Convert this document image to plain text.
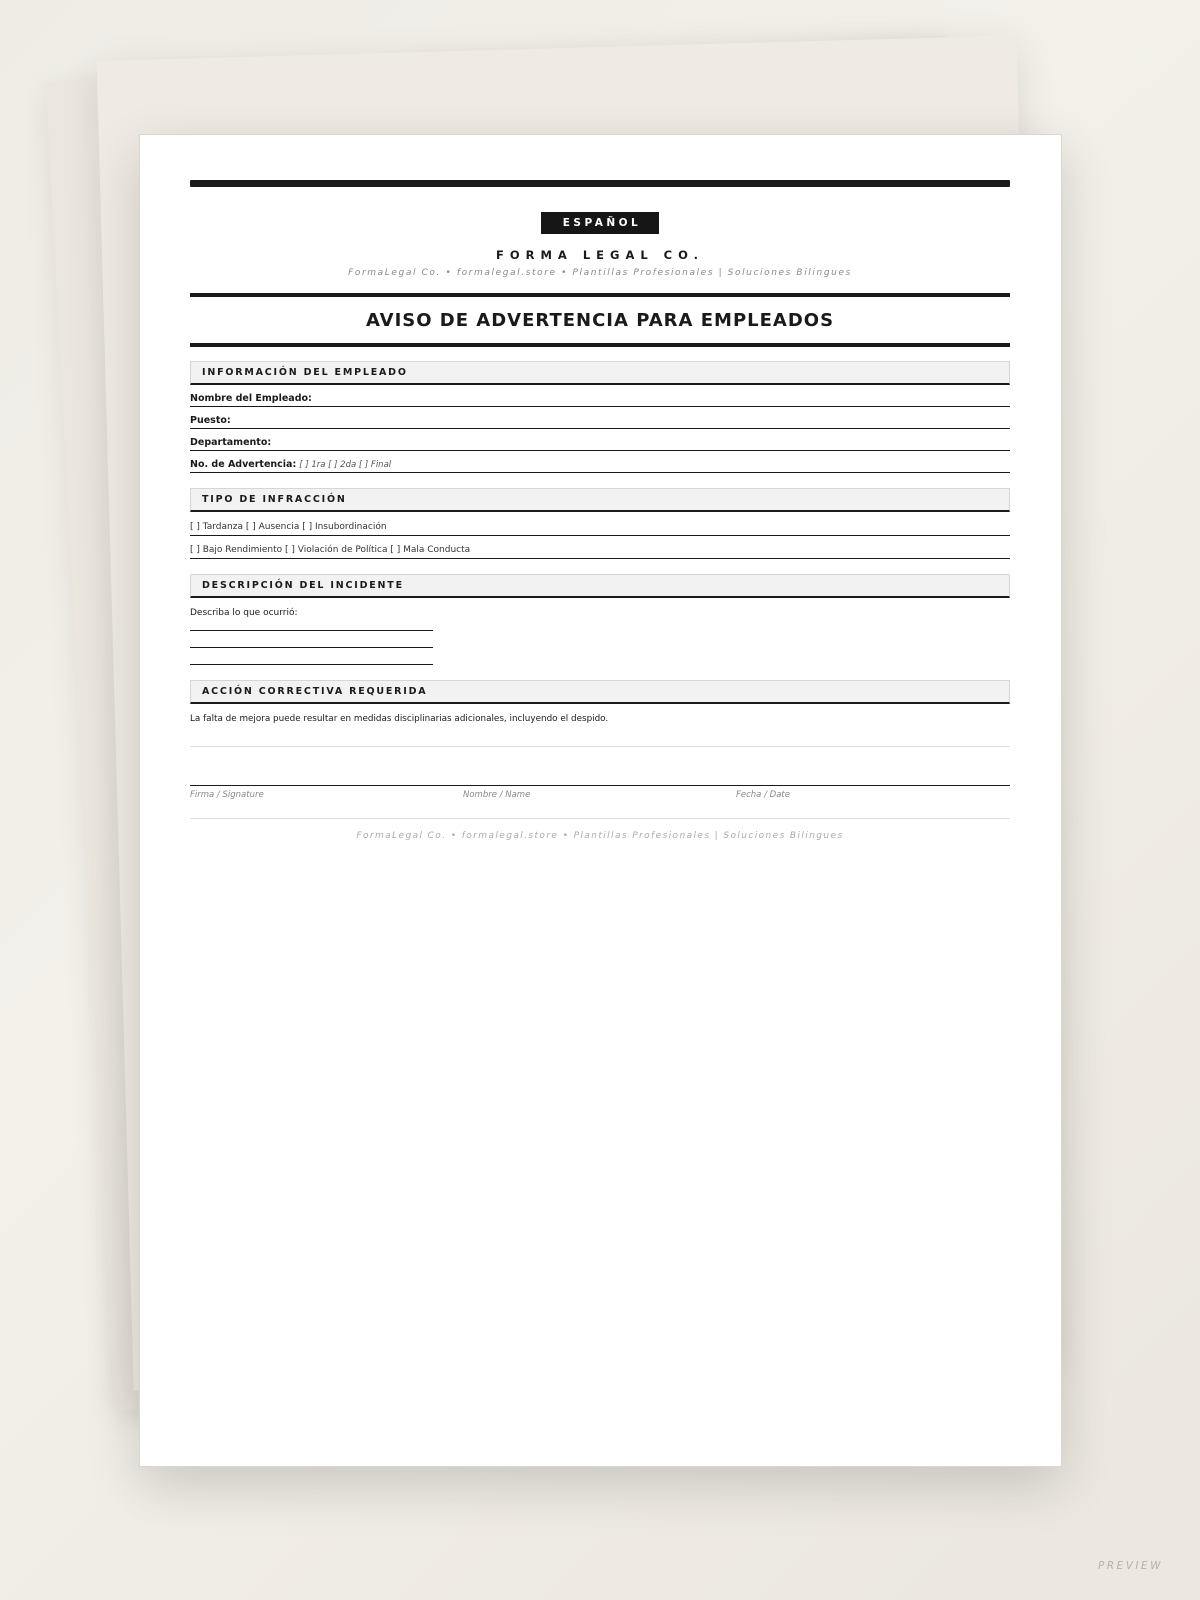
ESPAÑOL
FORMA LEGAL CO.
FormaLegal Co. • formalegal.store • Plantillas Profesionales | Soluciones Bilingues
AVISO DE ADVERTENCIA PARA EMPLEADOS
INFORMACIÓN DEL EMPLEADO
Nombre del Empleado:
Puesto:
Departamento:
No. de Advertencia: [ ] 1ra [ ] 2da [ ] Final
TIPO DE INFRACCIÓN
[ ] Tardanza [ ] Ausencia [ ] Insubordinación
[ ] Bajo Rendimiento [ ] Violación de Política [ ] Mala Conducta
DESCRIPCIÓN DEL INCIDENTE
Describa lo que ocurrió:
ACCIÓN CORRECTIVA REQUERIDA
La falta de mejora puede resultar en medidas disciplinarias adicionales, incluyendo el despido.
Firma / Signature	Nombre / Name	Fecha / Date
FormaLegal Co. • formalegal.store • Plantillas Profesionales | Soluciones Bilingues
PREVIEW
